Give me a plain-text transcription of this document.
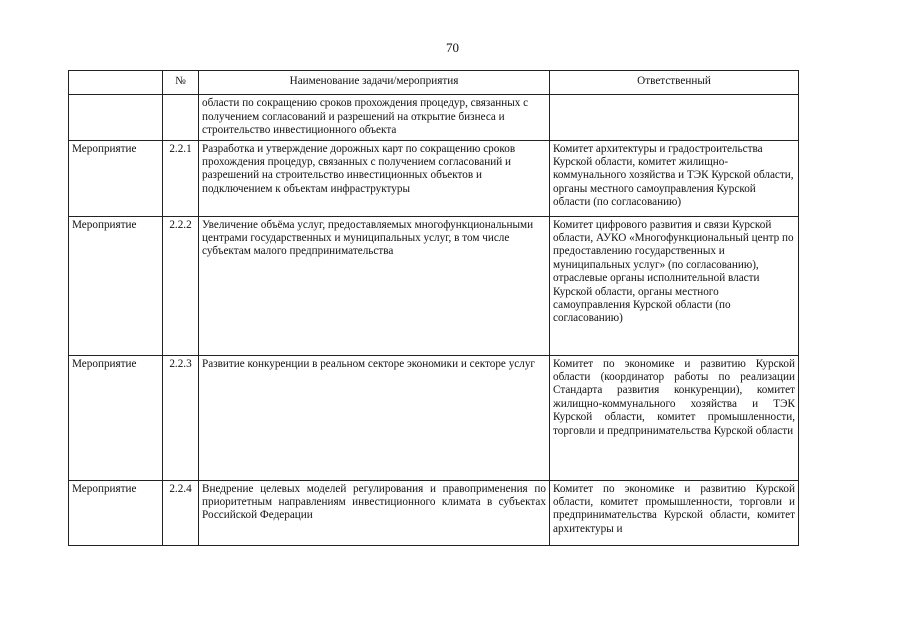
70
	№	Наименование задачи/мероприятия	Ответственный
		области по сокращению сроков прохождения процедур, связанных с получением согласований и разрешений на открытие бизнеса и строительство инвестиционного объекта	
Мероприятие	2.2.1	Разработка и утверждение дорожных карт по сокращению сроков прохождения процедур, связанных с получением согласований и разрешений на строительство инвестиционных объектов и подключением к объектам инфраструктуры	Комитет архитектуры и градостроительства Курской области, комитет жилищно-коммунального хозяйства и ТЭК Курской области, органы местного самоуправления Курской области (по согласованию)
Мероприятие	2.2.2	Увеличение объёма услуг, предоставляемых многофункциональными центрами государственных и муниципальных услуг, в том числе субъектам малого предпринимательства	Комитет цифрового развития и связи Курской области, АУКО «Многофункциональный центр по предоставлению государственных и муниципальных услуг» (по согласованию), отраслевые органы исполнительной власти Курской области, органы местного самоуправления Курской области (по согласованию)
Мероприятие	2.2.3	Развитие конкуренции в реальном секторе экономики и секторе услуг	Комитет по экономике и развитию Курской области (координатор работы по реализации Стандарта развития конкуренции), комитет жилищно-коммунального хозяйства и ТЭК Курской области, комитет промышленности, торговли и предпринимательства Курской области
Мероприятие	2.2.4	Внедрение целевых моделей регулирования и правоприменения по приоритетным направлениям инвестиционного климата в субъектах Российской Федерации	Комитет по экономике и развитию Курской области, комитет промышленности, торговли и предпринимательства Курской области, комитет архитектуры и
